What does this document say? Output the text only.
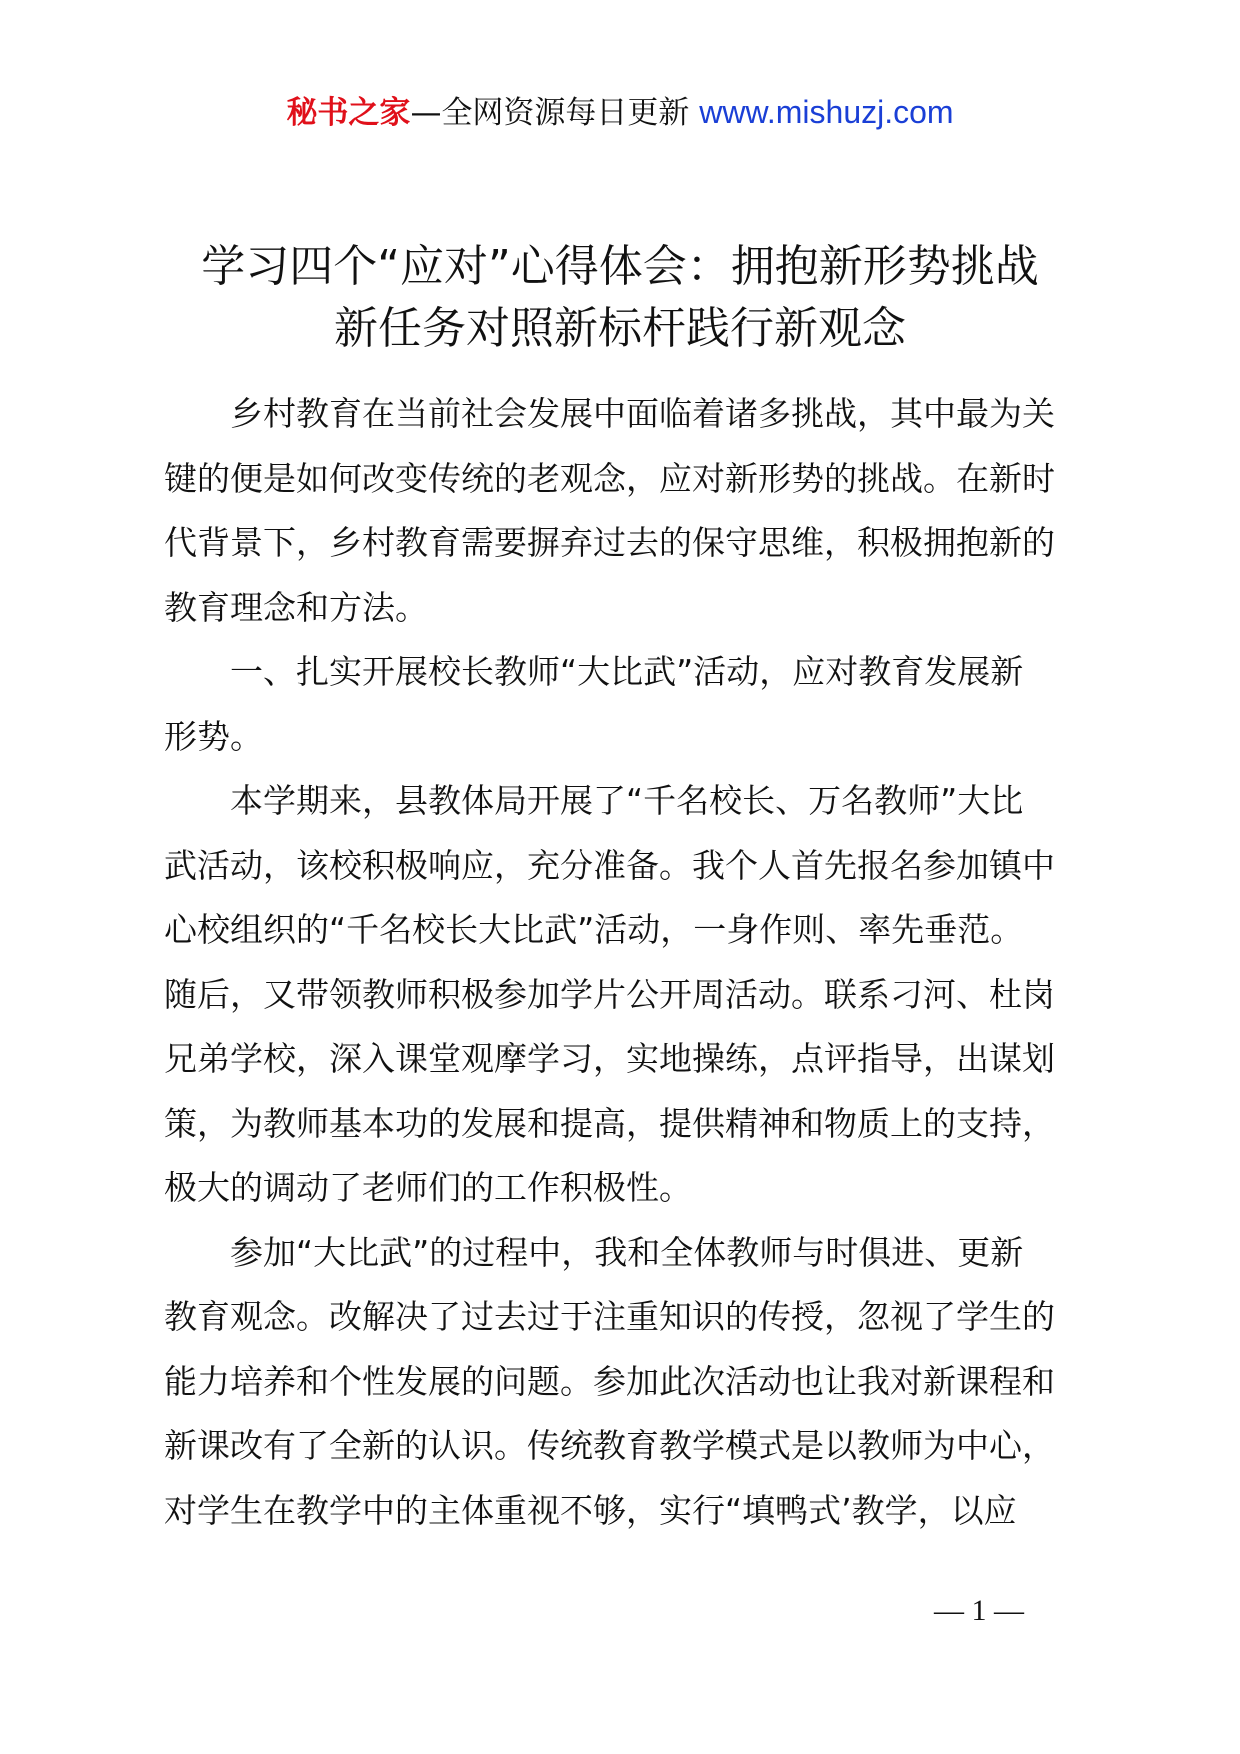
秘书之家—全网资源每日更新 www.mishuzj.com
学习四个“应对”心得体会：拥抱新形势挑战
新任务对照新标杆践行新观念
乡村教育在当前社会发展中面临着诸多挑战，其中最为关
键的便是如何改变传统的老观念，应对新形势的挑战。在新时
代背景下，乡村教育需要摒弃过去的保守思维，积极拥抱新的
教育理念和方法。
一、扎实开展校长教师“大比武”活动，应对教育发展新
形势。
本学期来，县教体局开展了“千名校长、万名教师”大比
武活动，该校积极响应，充分准备。我个人首先报名参加镇中
心校组织的“千名校长大比武”活动，一身作则、率先垂范。
随后，又带领教师积极参加学片公开周活动。联系刁河、杜岗
兄弟学校，深入课堂观摩学习，实地操练，点评指导，出谋划
策，为教师基本功的发展和提高，提供精神和物质上的支持，
极大的调动了老师们的工作积极性。
参加“大比武”的过程中，我和全体教师与时俱进、更新
教育观念。改解决了过去过于注重知识的传授，忽视了学生的
能力培养和个性发展的问题。参加此次活动也让我对新课程和
新课改有了全新的认识。传统教育教学模式是以教师为中心，
对学生在教学中的主体重视不够，实行“填鸭式’教学，以应
— 1 —
